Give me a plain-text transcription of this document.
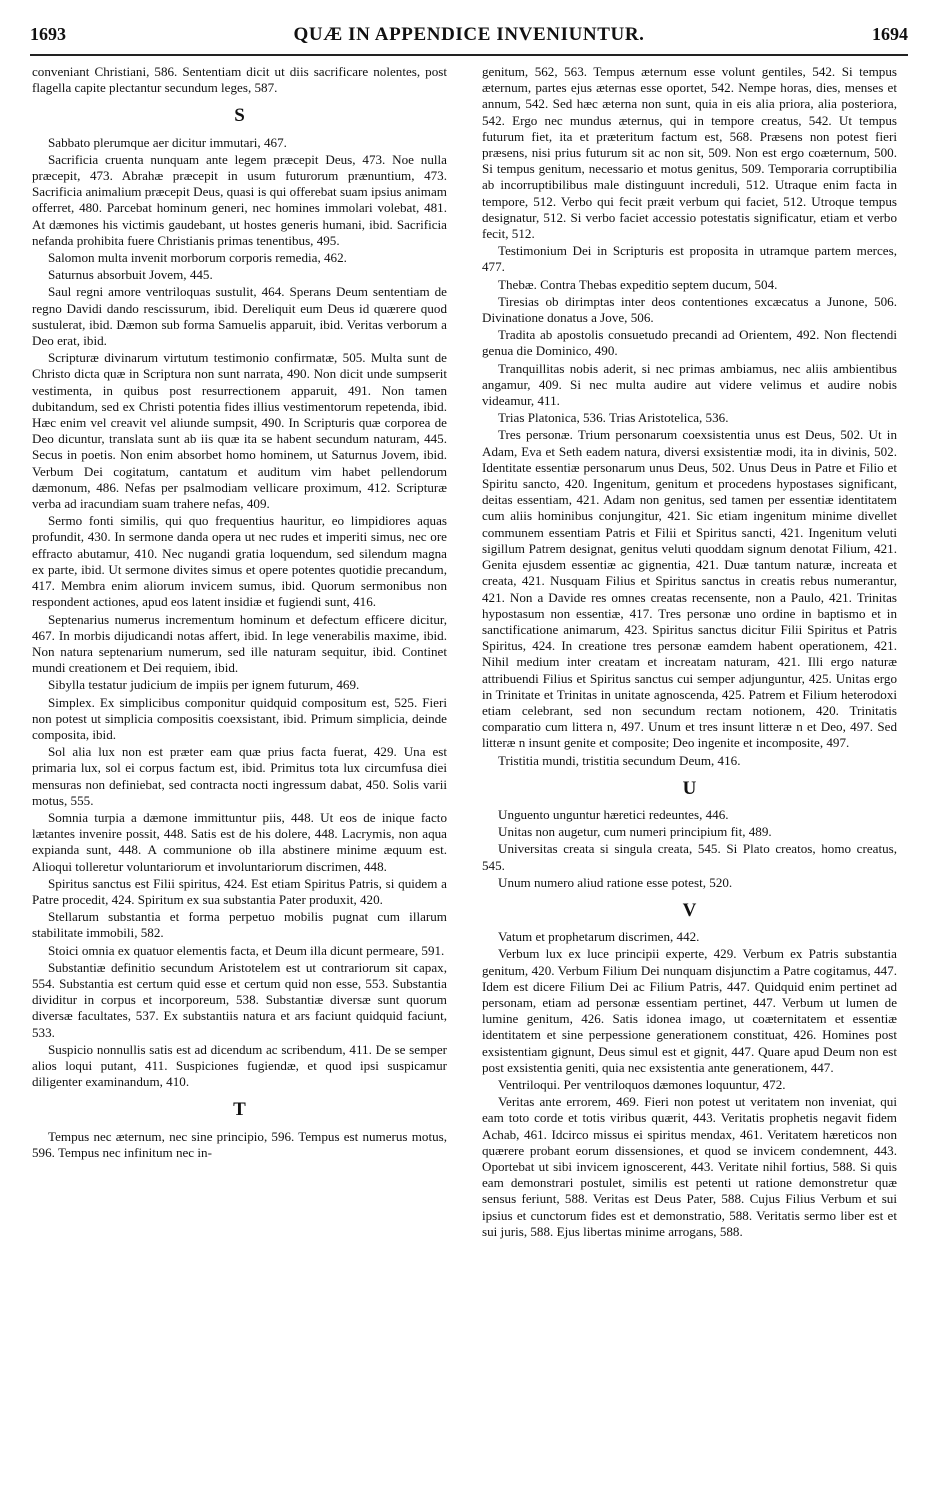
1693	QUÆ IN APPENDICE INVENIUNTUR.	1694
conveniant Christiani, 586. Sententiam dicit ut diis sacrificare nolentes, post flagella capite plectantur secundum leges, 587.
S
Sabbato plerumque aer dicitur immutari, 467.
Sacrificia cruenta nunquam ante legem præcepit Deus, 473. Noe nulla præcepit, 473. Abrahæ præcepit in usum futurorum prænuntium, 473. Sacrificia animalium præcepit Deus, quasi is qui offerebat suam ipsius animam offerret, 480. Parcebat hominum generi, nec homines immolari volebat, 481. At dæmones his victimis gaudebant, ut hostes generis humani, ibid. Sacrificia nefanda prohibita fuere Christianis primas tenentibus, 495.
Salomon multa invenit morborum corporis remedia, 462.
Saturnus absorbuit Jovem, 445.
Saul regni amore ventriloquas sustulit, 464. Sperans Deum sententiam de regno Davidi dando rescissurum, ibid. Dereliquit eum Deus id quærere quod sustulerat, ibid. Dæmon sub forma Samuelis apparuit, ibid. Veritas verborum a Deo erat, ibid.
Scripturæ divinarum virtutum testimonio confirmatæ, 505. Multa sunt de Christo dicta quæ in Scriptura non sunt narrata, 490. Non dicit unde sumpserit vestimenta, in quibus post resurrectionem apparuit, 491. Non tamen dubitandum, sed ex Christi potentia fides illius vestimentorum repetenda, ibid. Hæc enim vel creavit vel aliunde sumpsit, 490. In Scripturis quæ corporea de Deo dicuntur, translata sunt ab iis quæ ita se habent secundum naturam, 445. Secus in poetis. Non enim absorbet homo hominem, ut Saturnus Jovem, ibid. Verbum Dei cogitatum, cantatum et auditum vim habet pellendorum dæmonum, 486. Nefas per psalmodiam vellicare proximum, 412. Scripturæ verba ad iracundiam suam trahere nefas, 409.
Sermo fonti similis, qui quo frequentius hauritur, eo limpidiores aquas profundit, 430. In sermone danda opera ut nec rudes et imperiti simus, nec ore effracto abutamur, 410. Nec nugandi gratia loquendum, sed silendum magna ex parte, ibid. Ut sermone divites simus et opere potentes quotidie precandum, 417. Membra enim aliorum invicem sumus, ibid. Quorum sermonibus non respondent actiones, apud eos latent insidiæ et fugiendi sunt, 416.
Septenarius numerus incrementum hominum et defectum efficere dicitur, 467. In morbis dijudicandi notas affert, ibid. In lege venerabilis maxime, ibid. Non natura septenarium numerum, sed ille naturam sequitur, ibid. Continet mundi creationem et Dei requiem, ibid.
Sibylla testatur judicium de impiis per ignem futurum, 469.
Simplex. Ex simplicibus componitur quidquid compositum est, 525. Fieri non potest ut simplicia compositis coexsistant, ibid. Primum simplicia, deinde composita, ibid.
Sol alia lux non est præter eam quæ prius facta fuerat, 429. Una est primaria lux, sol ei corpus factum est, ibid. Primitus tota lux circumfusa diei mensuras non definiebat, sed contracta nocti ingressum dabat, 450. Solis varii motus, 555.
Somnia turpia a dæmone immittuntur piis, 448. Ut eos de inique facto lætantes invenire possit, 448. Satis est de his dolere, 448. Lacrymis, non aqua expianda sunt, 448. A communione ob illa abstinere minime æquum est. Alioqui tolleretur voluntariorum et involuntariorum discrimen, 448.
Spiritus sanctus est Filii spiritus, 424. Est etiam Spiritus Patris, si quidem a Patre procedit, 424. Spiritum ex sua substantia Pater produxit, 420.
Stellarum substantia et forma perpetuo mobilis pugnat cum illarum stabilitate immobili, 582.
Stoici omnia ex quatuor elementis facta, et Deum illa dicunt permeare, 591.
Substantiæ definitio secundum Aristotelem est ut contrariorum sit capax, 554. Substantia est certum quid esse et certum quid non esse, 553. Substantia dividitur in corpus et incorporeum, 538. Substantiæ diversæ sunt quorum diversæ facultates, 537. Ex substantiis natura et ars faciunt quidquid faciunt, 533.
Suspicio nonnullis satis est ad dicendum ac scribendum, 411. De se semper alios loqui putant, 411. Suspiciones fugiendæ, et quod ipsi suspicamur diligenter examinandum, 410.
T
Tempus nec æternum, nec sine principio, 596. Tempus est numerus motus, 596. Tempus nec infinitum nec in-
genitum, 562, 563. Tempus æternum esse volunt gentiles, 542. Si tempus æternum, partes ejus æternas esse oportet, 542. Nempe horas, dies, menses et annum, 542. Sed hæc æterna non sunt, quia in eis alia priora, alia posteriora, 542. Ergo nec mundus æternus, qui in tempore creatus, 542. Ut tempus futurum fiet, ita et præteritum factum est, 568. Præsens non potest fieri præsens, nisi prius futurum sit ac non sit, 509. Non est ergo coæternum, 500. Si tempus genitum, necessario et motus genitus, 509. Temporaria corruptibilia ab incorruptibilibus male distinguunt increduli, 512. Utraque enim facta in tempore, 512. Verbo qui fecit præit verbum qui faciet, 512. Utroque tempus designatur, 512. Si verbo faciet accessio potestatis significatur, etiam et verbo fecit, 512.
Testimonium Dei in Scripturis est proposita in utramque partem merces, 477.
Thebæ. Contra Thebas expeditio septem ducum, 504.
Tiresias ob dirimptas inter deos contentiones excæcatus a Junone, 506. Divinatione donatus a Jove, 506.
Tradita ab apostolis consuetudo precandi ad Orientem, 492. Non flectendi genua die Dominico, 490.
Tranquillitas nobis aderit, si nec primas ambiamus, nec aliis ambientibus angamur, 409. Si nec multa audire aut videre velimus et audire nobis videamur, 411.
Trias Platonica, 536. Trias Aristotelica, 536.
Tres personæ. Trium personarum coexsistentia unus est Deus, 502. Ut in Adam, Eva et Seth eadem natura, diversi exsistentiæ modi, ita in divinis, 502. Identitate essentiæ personarum unus Deus, 502. Unus Deus in Patre et Filio et Spiritu sancto, 420. Ingenitum, genitum et procedens hypostases significant, deitas essentiam, 421. Adam non genitus, sed tamen per essentiæ identitatem cum aliis hominibus conjungitur, 421. Sic etiam ingenitum minime divellet communem essentiam Patris et Filii et Spiritus sancti, 421. Ingenitum veluti sigillum Patrem designat, genitus veluti quoddam signum denotat Filium, 421. Genita ejusdem essentiæ ac gignentia, 421. Duæ tantum naturæ, increata et creata, 421. Nusquam Filius et Spiritus sanctus in creatis rebus numerantur, 421. Non a Davide res omnes creatas recensente, non a Paulo, 421. Trinitas hypostasum non essentiæ, 417. Tres personæ uno ordine in baptismo et in sanctificatione animarum, 423. Spiritus sanctus dicitur Filii Spiritus et Patris Spiritus, 424. In creatione tres personæ eamdem habent operationem, 421. Nihil medium inter creatam et increatam naturam, 421. Illi ergo naturæ attribuendi Filius et Spiritus sanctus cui semper adjunguntur, 425. Unitas ergo in Trinitate et Trinitas in unitate agnoscenda, 425. Patrem et Filium heterodoxi etiam celebrant, sed non secundum rectam notionem, 420. Trinitatis comparatio cum littera n, 497. Unum et tres insunt litteræ n et Deo, 497. Sed litteræ n insunt genite et composite; Deo ingenite et incomposite, 497.
Tristitia mundi, tristitia secundum Deum, 416.
U
Unguento unguntur hæretici redeuntes, 446.
Unitas non augetur, cum numeri principium fit, 489.
Universitas creata si singula creata, 545. Si Plato creatos, homo creatus, 545.
Unum numero aliud ratione esse potest, 520.
V
Vatum et prophetarum discrimen, 442.
Verbum lux ex luce principii experte, 429. Verbum ex Patris substantia genitum, 420. Verbum Filium Dei nunquam disjunctim a Patre cogitamus, 447. Idem est dicere Filium Dei ac Filium Patris, 447. Quidquid enim pertinet ad personam, etiam ad personæ essentiam pertinet, 447. Verbum ut lumen de lumine genitum, 426. Satis idonea imago, ut coæternitatem et essentiæ identitatem et sine perpessione generationem constituat, 426. Homines post exsistentiam gignunt, Deus simul est et gignit, 447. Quare apud Deum non est post exsistentia geniti, quia nec exsistentia ante generationem, 447.
Ventriloqui. Per ventriloquos dæmones loquuntur, 472.
Veritas ante errorem, 469. Fieri non potest ut veritatem non inveniat, qui eam toto corde et totis viribus quærit, 443. Veritatis prophetis negavit fidem Achab, 461. Idcirco missus ei spiritus mendax, 461. Veritatem hæreticos non quærere probant eorum dissensiones, et quod se invicem condemnent, 443. Oportebat ut sibi invicem ignoscerent, 443. Veritate nihil fortius, 588. Si quis eam demonstrari postulet, similis est petenti ut ratione demonstretur quæ sensus feriunt, 588. Veritas est Deus Pater, 588. Cujus Filius Verbum et sui ipsius et cunctorum fides est et demonstratio, 588. Veritatis sermo liber est et sui juris, 588. Ejus libertas minime arrogans, 588.
